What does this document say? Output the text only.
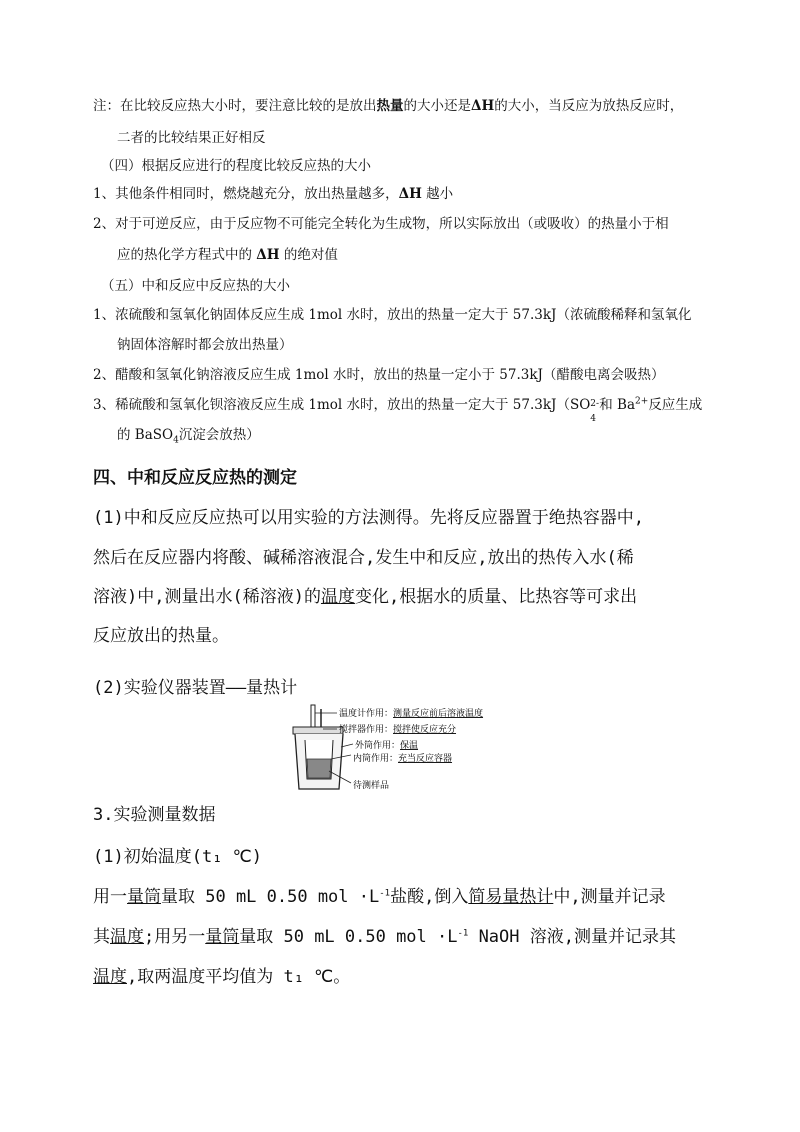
注：在比较反应热大小时，要注意比较的是放出热量的大小还是ΔH的大小，当反应为放热反应时，
二者的比较结果正好相反
（四）根据反应进行的程度比较反应热的大小
1、其他条件相同时，燃烧越充分，放出热量越多，ΔH 越小
2、对于可逆反应，由于反应物不可能完全转化为生成物，所以实际放出（或吸收）的热量小于相
应的热化学方程式中的 ΔH 的绝对值
（五）中和反应中反应热的大小
1、浓硫酸和氢氧化钠固体反应生成 1mol 水时，放出的热量一定大于 57.3kJ（浓硫酸稀释和氢氧化
钠固体溶解时都会放出热量）
2、醋酸和氢氧化钠溶液反应生成 1mol 水时，放出的热量一定小于 57.3kJ（醋酸电离会吸热）
3、稀硫酸和氢氧化钡溶液反应生成 1mol 水时，放出的热量一定大于 57.3kJ（SO 2-
4
和 $Ba^{2+}$反应生成
的 BaSO$_4$沉淀会放热）
四、中和反应反应热的测定
(1)中和反应反应热可以用实验的方法测得。先将反应器置于绝热容器中,
然后在反应器内将酸、碱稀溶液混合,发生中和反应,放出的热传入水(稀
溶液)中,测量出水(稀溶液)的温度变化,根据水的质量、比热容等可求出
反应放出的热量。
(2)实验仪器装置——量热计
温度计作用：测量反应前后溶液温度
搅拌器作用：搅拌使反应充分
外筒作用：保温
内筒作用：充当反应容器
待测样品
3.实验测量数据
(1)初始温度(t₁ ℃)
用一量筒量取 50 mL 0.50 mol $\cdot L^{-1}$盐酸,倒入简易量热计中,测量并记录
其温度;用另一量筒量取 50 mL 0.50 mol $\cdot L^{-1}$ NaOH 溶液,测量并记录其
温度,取两温度平均值为 t₁ ℃。
